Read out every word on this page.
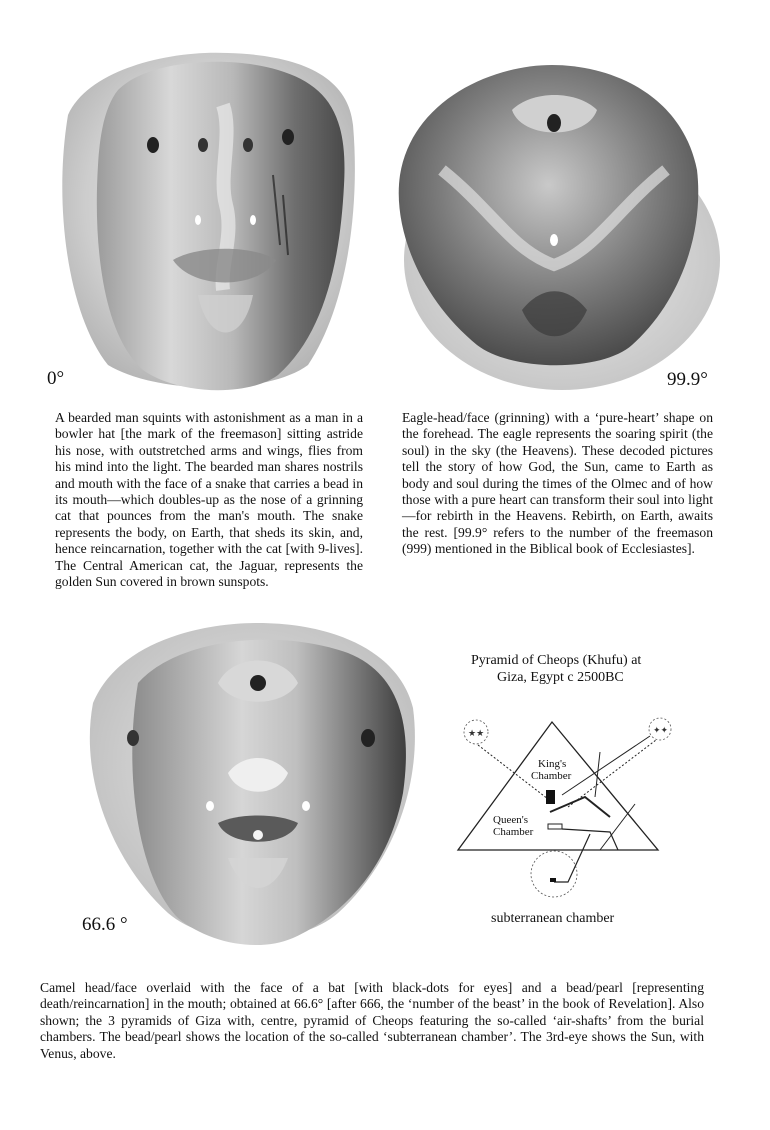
0°	99.9°
A bearded man squints with astonishment as a man in a bowler hat [the mark of the freemason] sitting astride his nose, with outstretched arms and wings, flies from his mind into the light. The bearded man shares nostrils and mouth with the face of a snake that carries a bead in its mouth—which doubles-up as the nose of a grinning cat that pounces from the man's mouth. The snake represents the body, on Earth, that sheds its skin, and, hence reincarnation, together with the cat [with 9-lives]. The Central American cat, the Jaguar, represents the golden Sun covered in brown sunspots.
Eagle-head/face (grinning) with a ‘pure-heart’ shape on the forehead. The eagle represents the soaring spirit (the soul) in the sky (the Heavens). These decoded pictures tell the story of how God, the Sun, came to Earth as body and soul during the times of the Olmec and of how those with a pure heart can transform their soul into light—for rebirth in the Heavens. Rebirth, on Earth, awaits the rest. [99.9° refers to the number of the freemason (999) mentioned in the Biblical book of Ecclesiastes].
66.6 °
Pyramid of Cheops (Khufu) at
Giza, Egypt c 2500BC
★★	✦✦
King's
Chamber
Queen's
Chamber
subterranean chamber
Camel head/face overlaid with the face of a bat [with black-dots for eyes] and a bead/pearl [representing death/reincarnation] in the mouth; obtained at 66.6° [after 666, the ‘number of the beast’ in the book of Revelation]. Also shown; the 3 pyramids of Giza with, centre, pyramid of Cheops featuring the so-called ‘air-shafts’ from the burial chambers. The bead/pearl shows the location of the so-called ‘subterranean chamber’. The 3rd-eye shows the Sun, with Venus, above.
